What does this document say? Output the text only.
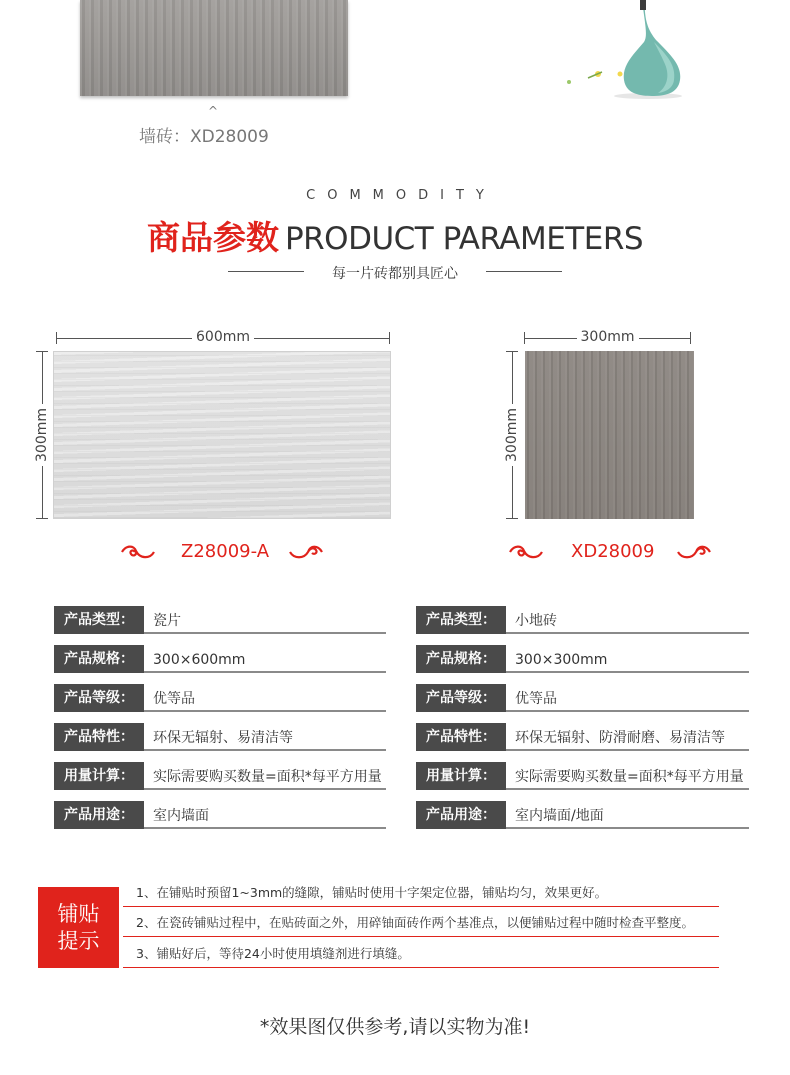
^
墙砖：XD28009
COMMODITY
商品参数 PRODUCT PARAMETERS
每一片砖都别具匠心
600mm
300mm
300mm
300mm
Z28009-A	XD28009
产品类型：	瓷片
产品规格：	300×600mm
产品等级：	优等品
产品特性：	环保无辐射、易清洁等
用量计算：	实际需要购买数量=面积*每平方用量
产品用途：	室内墙面
产品类型：	小地砖
产品规格：	300×300mm
产品等级：	优等品
产品特性：	环保无辐射、防滑耐磨、易清洁等
用量计算：	实际需要购买数量=面积*每平方用量
产品用途：	室内墙面/地面
铺贴
提示
1、在铺贴时预留1~3mm的缝隙，铺贴时使用十字架定位器，铺贴均匀，效果更好。
2、在瓷砖铺贴过程中，在贴砖面之外，用碎铀面砖作两个基准点，以便铺贴过程中随时检查平整度。
3、铺贴好后，等待24小时使用填缝剂进行填缝。
*效果图仅供参考,请以实物为准!
